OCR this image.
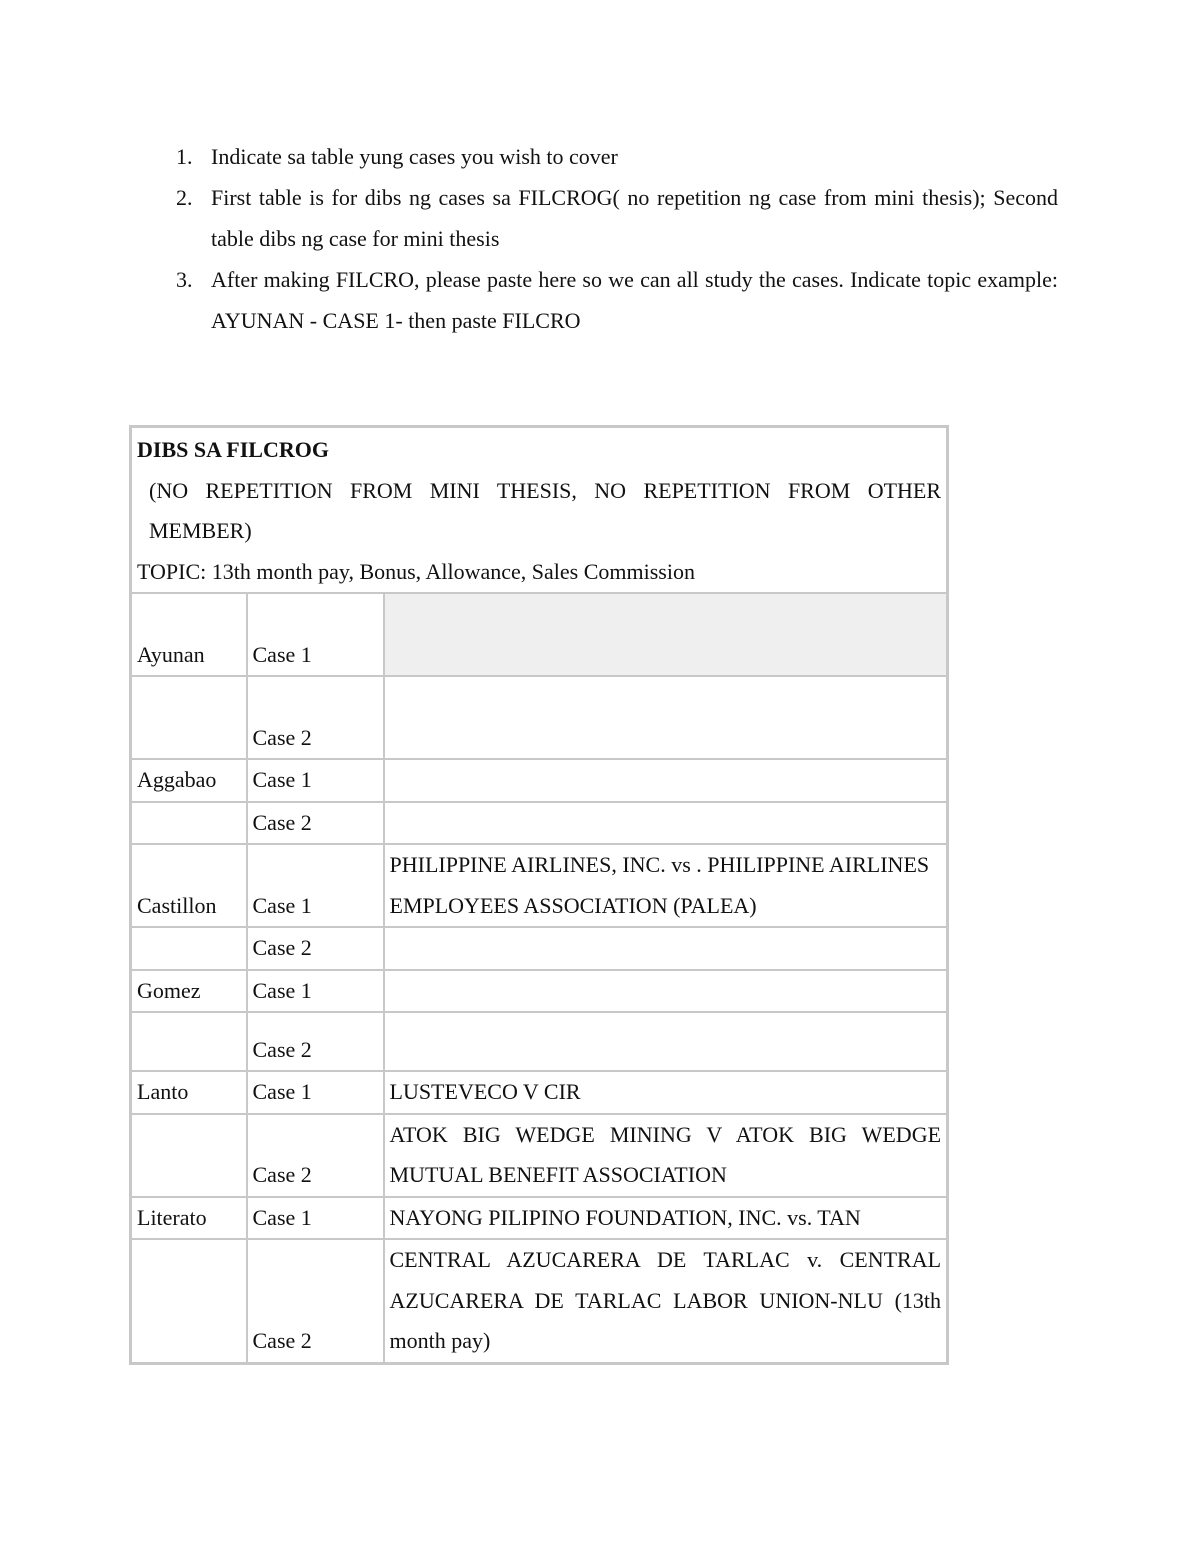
1. Indicate sa table yung cases you wish to cover
2. First table is for dibs ng cases sa FILCROG( no repetition ng case from mini thesis); Second table dibs ng case for mini thesis
3. After making FILCRO, please paste here so we can all study the cases. Indicate topic example: AYUNAN - CASE 1- then paste FILCRO
DIBS SA FILCROG
(NO REPETITION FROM MINI THESIS, NO REPETITION FROM OTHER MEMBER)
TOPIC: 13th month pay, Bonus, Allowance, Sales Commission		

Ayunan	Case 1	
	Case 2	
Aggabao	Case 1	
	Case 2	
Castillon	Case 1	PHILIPPINE AIRLINES, INC. vs . PHILIPPINE AIRLINES EMPLOYEES ASSOCIATION (PALEA)
	Case 2	
Gomez	Case 1	
	Case 2	
Lanto	Case 1	LUSTEVECO V CIR
	Case 2	ATOK BIG WEDGE MINING V ATOK BIG WEDGE MUTUAL BENEFIT ASSOCIATION
Literato	Case 1	NAYONG PILIPINO FOUNDATION, INC. vs. TAN
	Case 2	CENTRAL AZUCARERA DE TARLAC v. CENTRAL AZUCARERA DE TARLAC LABOR UNION-NLU (13th month pay)
